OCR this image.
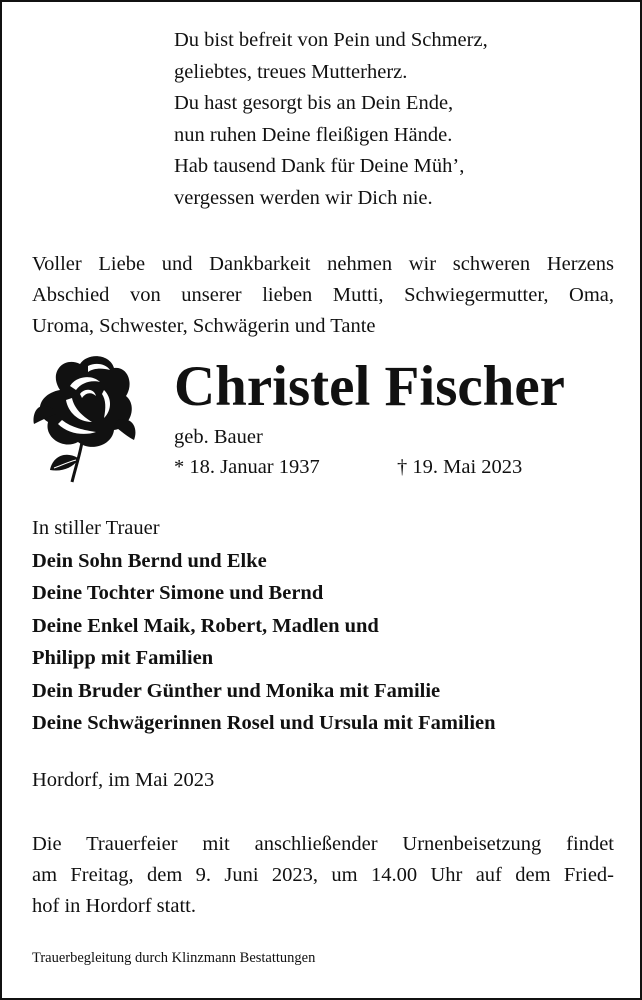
Du bist befreit von Pein und Schmerz,
geliebtes, treues Mutterherz.
Du hast gesorgt bis an Dein Ende,
nun ruhen Deine fleißigen Hände.
Hab tausend Dank für Deine Müh’,
vergessen werden wir Dich nie.
Voller Liebe und Dankbarkeit nehmen wir schweren Herzens
Abschied von unserer lieben Mutti, Schwiegermutter, Oma,
Uroma, Schwester, Schwägerin und Tante
Christel Fischer
geb. Bauer
* 18. Januar 1937	† 19. Mai 2023
In stiller Trauer
Dein Sohn Bernd und Elke
Deine Tochter Simone und Bernd
Deine Enkel Maik, Robert, Madlen und
Philipp mit Familien
Dein Bruder Günther und Monika mit Familie
Deine Schwägerinnen Rosel und Ursula mit Familien
Hordorf, im Mai 2023
Die Trauerfeier mit anschließender Urnenbeisetzung findet
am Freitag, dem 9. Juni 2023, um 14.00 Uhr auf dem Fried-
hof in Hordorf statt.
Trauerbegleitung durch Klinzmann Bestattungen
